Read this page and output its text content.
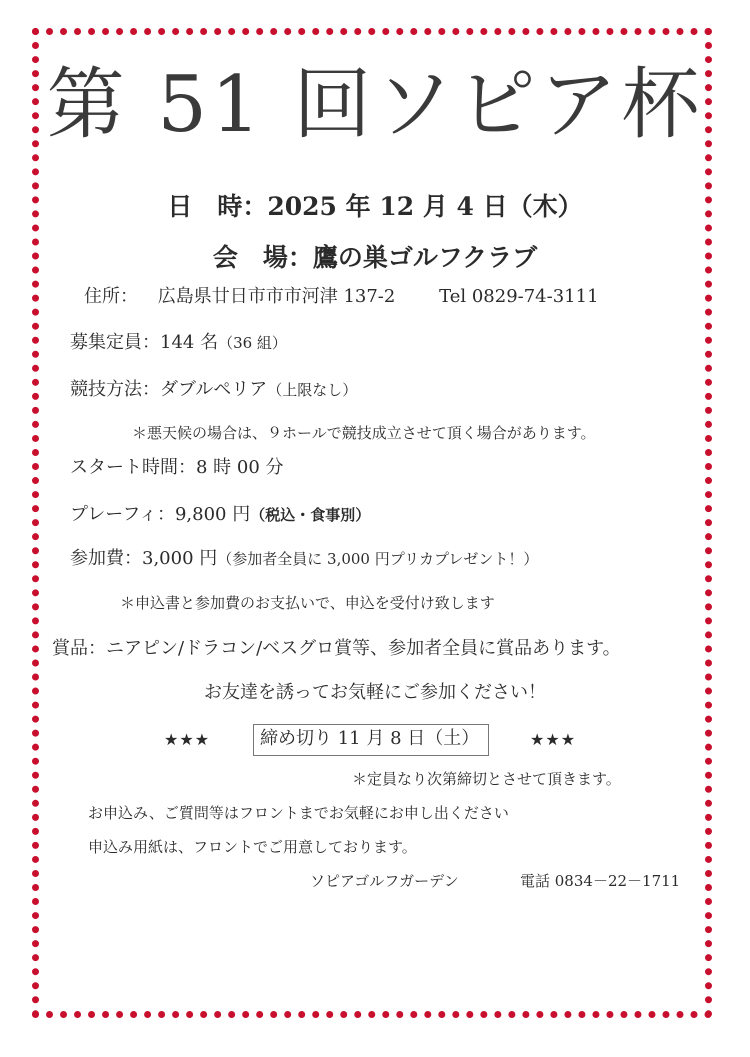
第 51 回ソピア杯
日　時：2025 年 12 月 4 日（木）
会　場：鷹の巣ゴルフクラブ
住所： 広島県廿日市市市河津 137-2 Tel 0829-74-3111
募集定員：144 名（36 組）
競技方法：ダブルペリア（上限なし）
＊悪天候の場合は、９ホールで競技成立させて頂く場合があります。
スタート時間：8 時 00 分
プレーフィ：9,800 円（税込・食事別）
参加費：3,000 円（参加者全員に 3,000 円プリカプレゼント！）
＊申込書と参加費のお支払いで、申込を受付け致します
賞品：ニアピン/ドラコン/ベスグロ賞等、参加者全員に賞品あります。
お友達を誘ってお気軽にご参加ください！
★★★	締め切り 11 月 8 日（土）	★★★
＊定員なり次第締切とさせて頂きます。
お申込み、ご質問等はフロントまでお気軽にお申し出ください
申込み用紙は、フロントでご用意しております。
ソピアゴルフガーデン	電話 0834－22－1711
